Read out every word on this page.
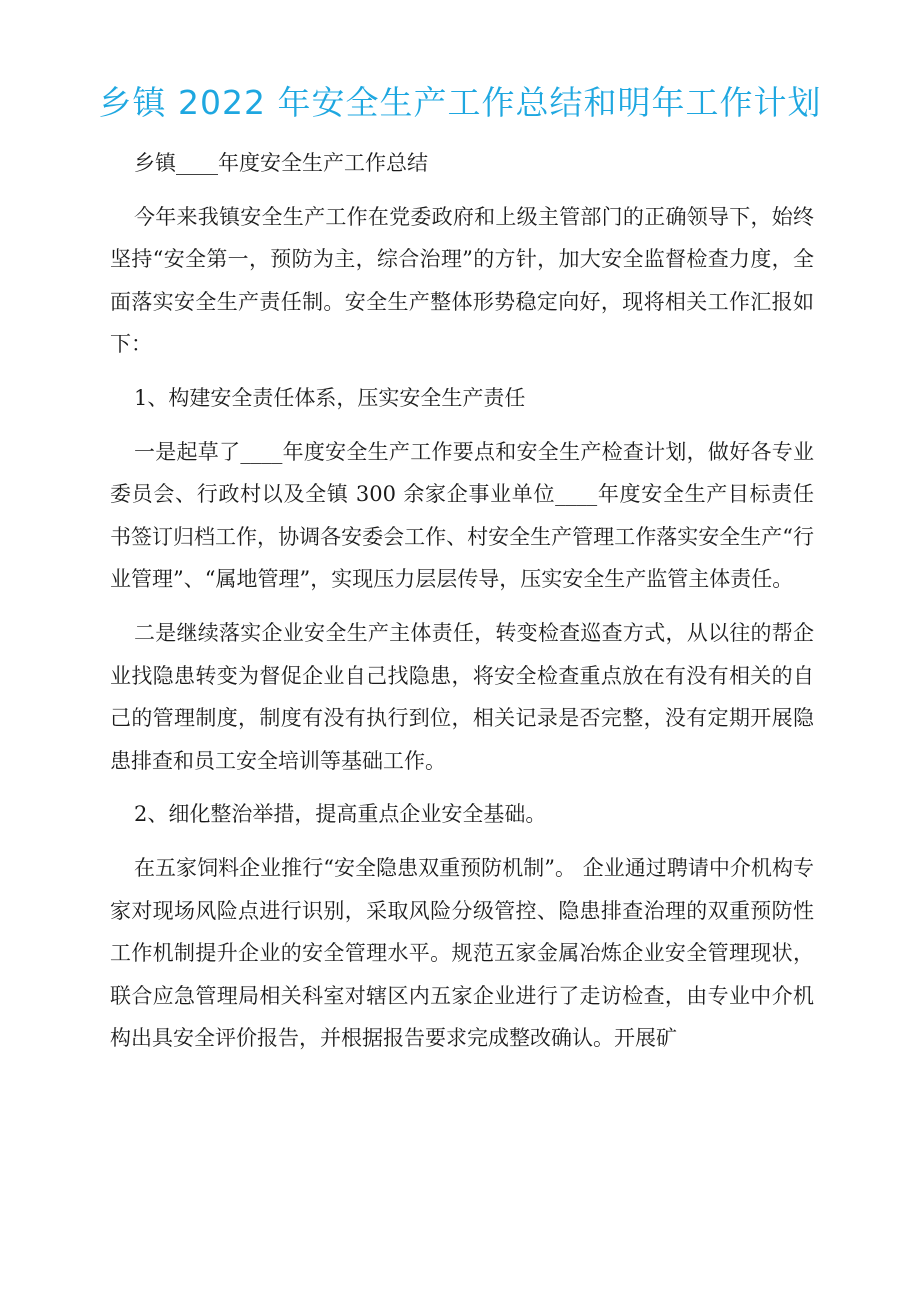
乡镇 2022 年安全生产工作总结和明年工作计划

乡镇____年度安全生产工作总结

今年来我镇安全生产工作在党委政府和上级主管部门的正确领导下，始终坚持“安全第一，预防为主，综合治理”的方针，加大安全监督检查力度，全面落实安全生产责任制。安全生产整体形势稳定向好，现将相关工作汇报如下：

1、构建安全责任体系，压实安全生产责任

一是起草了____年度安全生产工作要点和安全生产检查计划，做好各专业委员会、行政村以及全镇 300 余家企事业单位____年度安全生产目标责任书签订归档工作，协调各安委会工作、村安全生产管理工作落实安全生产“行业管理”、“属地管理”，实现压力层层传导，压实安全生产监管主体责任。

二是继续落实企业安全生产主体责任，转变检查巡查方式，从以往的帮企业找隐患转变为督促企业自己找隐患，将安全检查重点放在有没有相关的自己的管理制度，制度有没有执行到位，相关记录是否完整，没有定期开展隐患排查和员工安全培训等基础工作。

2、细化整治举措，提高重点企业安全基础。

在五家饲料企业推行“安全隐患双重预防机制”。 企业通过聘请中介机构专家对现场风险点进行识别，采取风险分级管控、隐患排查治理的双重预防性工作机制提升企业的安全管理水平。规范五家金属冶炼企业安全管理现状，联合应急管理局相关科室对辖区内五家企业进行了走访检查，由专业中介机构出具安全评价报告，并根据报告要求完成整改确认。开展矿
